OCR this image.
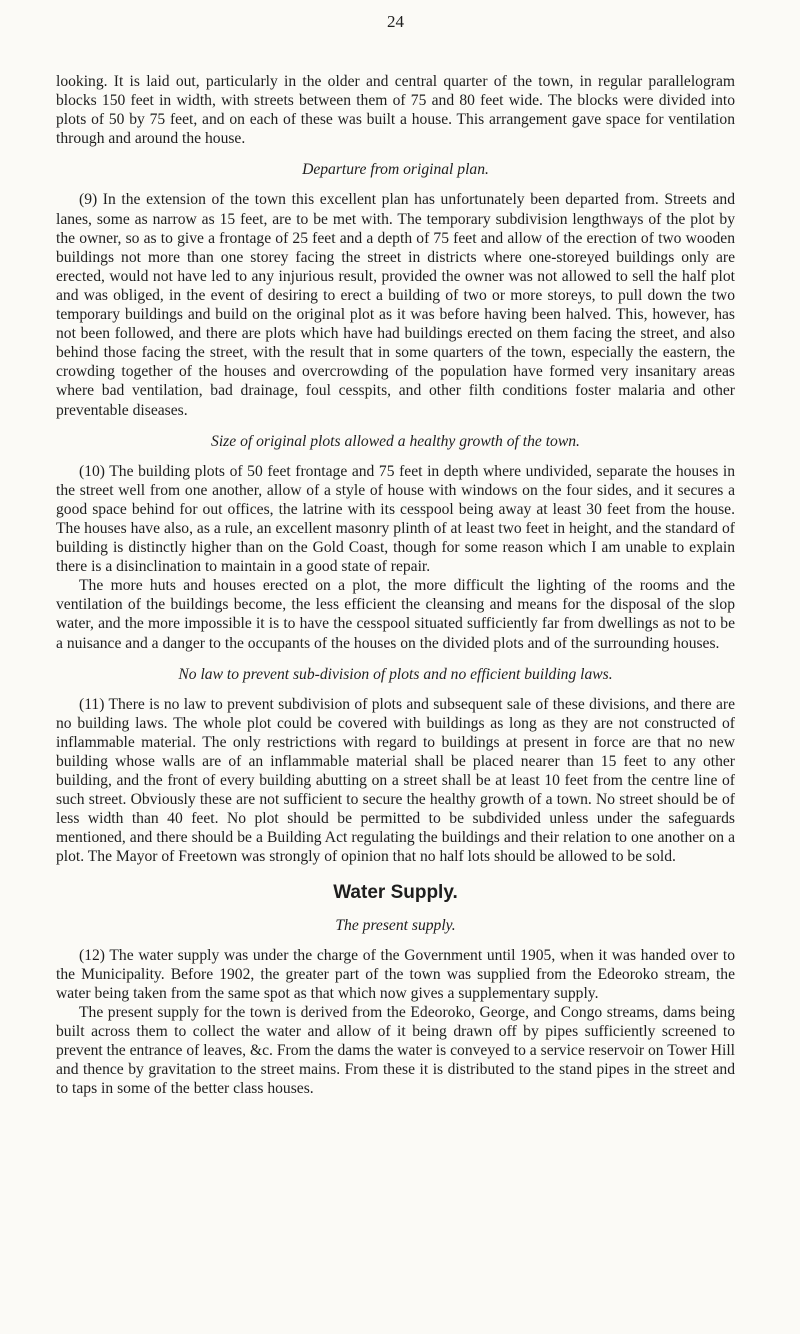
24

looking. It is laid out, particularly in the older and central quarter of the town, in regular parallelogram blocks 150 feet in width, with streets between them of 75 and 80 feet wide. The blocks were divided into plots of 50 by 75 feet, and on each of these was built a house. This arrangement gave space for ventilation through and around the house.

Departure from original plan.

(9) In the extension of the town this excellent plan has unfortunately been departed from. Streets and lanes, some as narrow as 15 feet, are to be met with. The temporary subdivision lengthways of the plot by the owner, so as to give a frontage of 25 feet and a depth of 75 feet and allow of the erection of two wooden buildings not more than one storey facing the street in districts where one-storeyed buildings only are erected, would not have led to any injurious result, provided the owner was not allowed to sell the half plot and was obliged, in the event of desiring to erect a building of two or more storeys, to pull down the two temporary buildings and build on the original plot as it was before having been halved. This, however, has not been followed, and there are plots which have had buildings erected on them facing the street, and also behind those facing the street, with the result that in some quarters of the town, especially the eastern, the crowding together of the houses and overcrowding of the population have formed very insanitary areas where bad ventilation, bad drainage, foul cesspits, and other filth conditions foster malaria and other preventable diseases.

Size of original plots allowed a healthy growth of the town.

(10) The building plots of 50 feet frontage and 75 feet in depth where undivided, separate the houses in the street well from one another, allow of a style of house with windows on the four sides, and it secures a good space behind for out offices, the latrine with its cesspool being away at least 30 feet from the house. The houses have also, as a rule, an excellent masonry plinth of at least two feet in height, and the standard of building is distinctly higher than on the Gold Coast, though for some reason which I am unable to explain there is a disinclination to maintain in a good state of repair.

The more huts and houses erected on a plot, the more difficult the lighting of the rooms and the ventilation of the buildings become, the less efficient the cleansing and means for the disposal of the slop water, and the more impossible it is to have the cesspool situated sufficiently far from dwellings as not to be a nuisance and a danger to the occupants of the houses on the divided plots and of the surrounding houses.

No law to prevent sub-division of plots and no efficient building laws.

(11) There is no law to prevent subdivision of plots and subsequent sale of these divisions, and there are no building laws. The whole plot could be covered with buildings as long as they are not constructed of inflammable material. The only restrictions with regard to buildings at present in force are that no new building whose walls are of an inflammable material shall be placed nearer than 15 feet to any other building, and the front of every building abutting on a street shall be at least 10 feet from the centre line of such street. Obviously these are not sufficient to secure the healthy growth of a town. No street should be of less width than 40 feet. No plot should be permitted to be subdivided unless under the safeguards mentioned, and there should be a Building Act regulating the buildings and their relation to one another on a plot. The Mayor of Freetown was strongly of opinion that no half lots should be allowed to be sold.

Water Supply.
The present supply.

(12) The water supply was under the charge of the Government until 1905, when it was handed over to the Municipality. Before 1902, the greater part of the town was supplied from the Edeoroko stream, the water being taken from the same spot as that which now gives a supplementary supply.

The present supply for the town is derived from the Edeoroko, George, and Congo streams, dams being built across them to collect the water and allow of it being drawn off by pipes sufficiently screened to prevent the entrance of leaves, &c. From the dams the water is conveyed to a service reservoir on Tower Hill and thence by gravitation to the street mains. From these it is distributed to the stand pipes in the street and to taps in some of the better class houses.
